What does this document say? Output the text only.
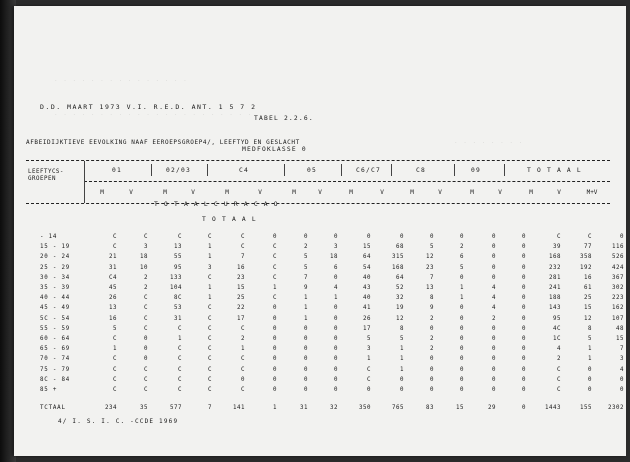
. . . . . . . . . . . . . . .
. . . . . . . . . . . . . . . . . . . . . .
. . . . . . . .
D.D. MAART 1973 V.I. R.E.D. ANT. 1 5 7 2
TABEL 2.2.6.
AFBEIDIJKTIEVE EEVOLKING NAAF EEROEPSGROEP4/, LEEFTYD EN GESLACHT
MEDFOKLASSE 0
LEEFTYCS-
GROEPEN
01	02/03	C4	05	C6/C7	C8	09	T O T A A L
M	V	M	V	M	V	M	V	M	V	M	V	M	V	M	V	M+V
T O T A A L C U R A C A O
T O T A A L
- 14	C	C	C	C	C	0	0	0	0	0	0	0	0	0	C	C	0
15 - 19	C	3	13	1	C	C	2	3	15	68	5	2	0	0	39	77	116
20 - 24	21	18	55	1	7	C	5	18	64	315	12	6	0	0	168	358	526
25 - 29	31	10	95	3	16	C	5	6	54	168	23	5	0	0	232	192	424
30 - 34	C4	2	133	C	23	C	7	0	40	64	7	0	0	0	281	16	367
35 - 39	45	2	104	1	15	1	9	4	43	52	13	1	4	0	241	61	302
40 - 44	26	C	8C	1	25	C	1	1	40	32	8	1	4	0	188	25	223
45 - 49	13	C	53	C	22	0	1	0	41	19	9	0	4	0	143	15	162
5C - 54	16	C	31	C	17	0	1	0	26	12	2	0	2	0	95	12	107
55 - 59	5	C	C	C	C	0	0	0	17	8	0	0	0	0	4C	8	48
60 - 64	C	0	1	C	2	0	0	0	5	5	2	0	0	0	1C	5	15
65 - 69	1	0	C	C	1	0	0	0	3	1	2	0	0	0	4	1	7
70 - 74	C	0	C	C	C	0	0	0	1	1	0	0	0	0	2	1	3
75 - 79	C	C	C	C	C	0	0	0	C	1	0	0	0	0	C	0	4
8C - 84	C	C	C	C	0	0	0	0	C	0	0	0	0	0	C	0	0
85 +	C	C	C	C	C	0	0	0	0	0	0	0	0	0	C	0	0
TCTAAL	234	35	577	7	141	1	31	32	350	765	83	15	29	0	1443	155	2302
4/ I. S. I. C. -CCDE 1969
